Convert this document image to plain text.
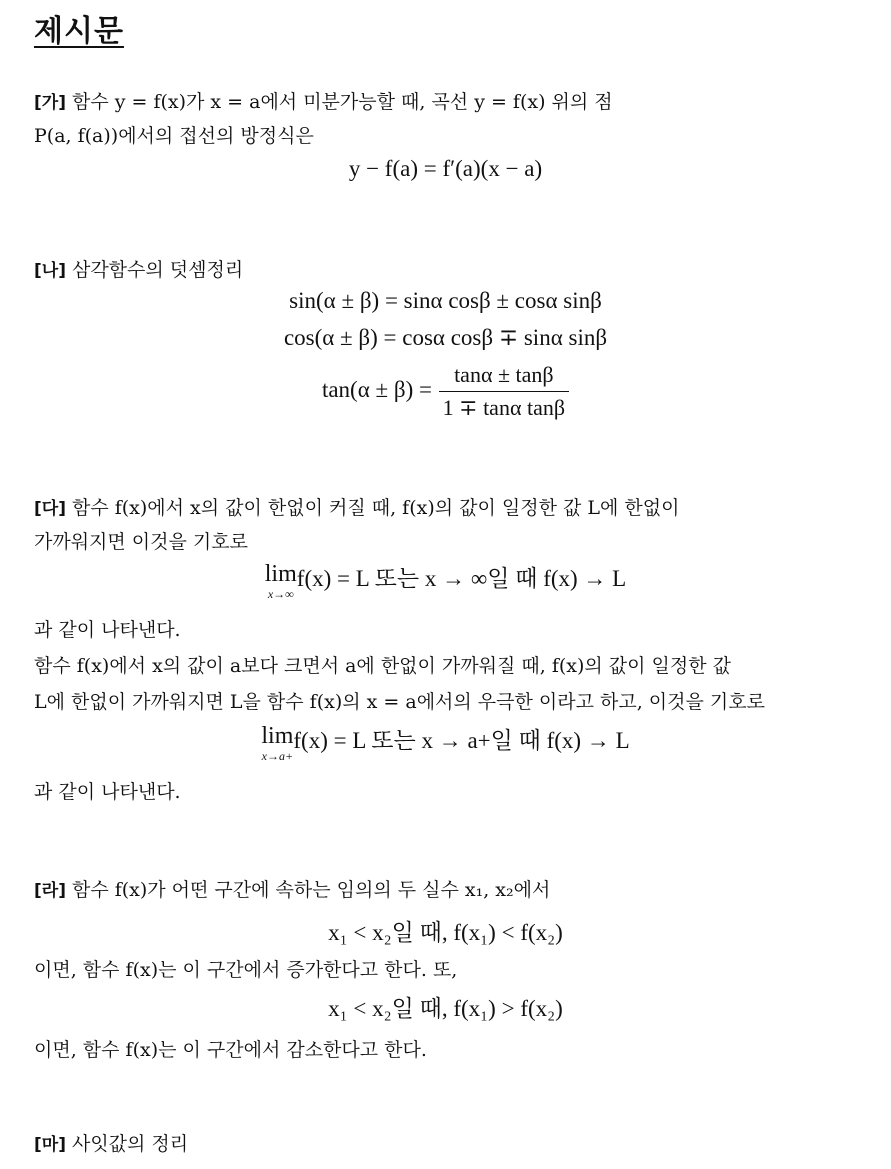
제시문
[가] 함수 y = f(x)가 x = a에서 미분가능할 때, 곡선 y = f(x) 위의 점
P(a, f(a))에서의 접선의 방정식은
y − f(a) = f′(a)(x − a)
[나] 삼각함수의 덧셈정리
sin(α ± β) = sinα cosβ ± cosα sinβ
cos(α ± β) = cosα cosβ ∓ sinα sinβ
$\tan(\alpha \pm \beta) = \frac{\tan\alpha \pm \tan\beta}{\text{1 ∓ tanα tanβ}}$
[다] 함수 f(x)에서 x의 값이 한없이 커질 때, f(x)의 값이 일정한 값 L에 한없이
가까워지면 이것을 기호로
lim
x→∞
f(x) = L 또는 x → ∞일 때 f(x) → L
과 같이 나타낸다.
함수 f(x)에서 x의 값이 a보다 크면서 a에 한없이 가까워질 때, f(x)의 값이 일정한 값
L에 한없이 가까워지면 L을 함수 f(x)의 x = a에서의 우극한 이라고 하고, 이것을 기호로
lim
x→a+
f(x) = L 또는 x → a+일 때 f(x) → L
과 같이 나타낸다.
[라] 함수 f(x)가 어떤 구간에 속하는 임의의 두 실수 x₁, x₂에서
x₁ < x₂일 때, f(x₁) < f(x₂)
이면, 함수 f(x)는 이 구간에서 증가한다고 한다. 또,
x₁ < x₂일 때, f(x₁) > f(x₂)
이면, 함수 f(x)는 이 구간에서 감소한다고 한다.
[마] 사잇값의 정리
